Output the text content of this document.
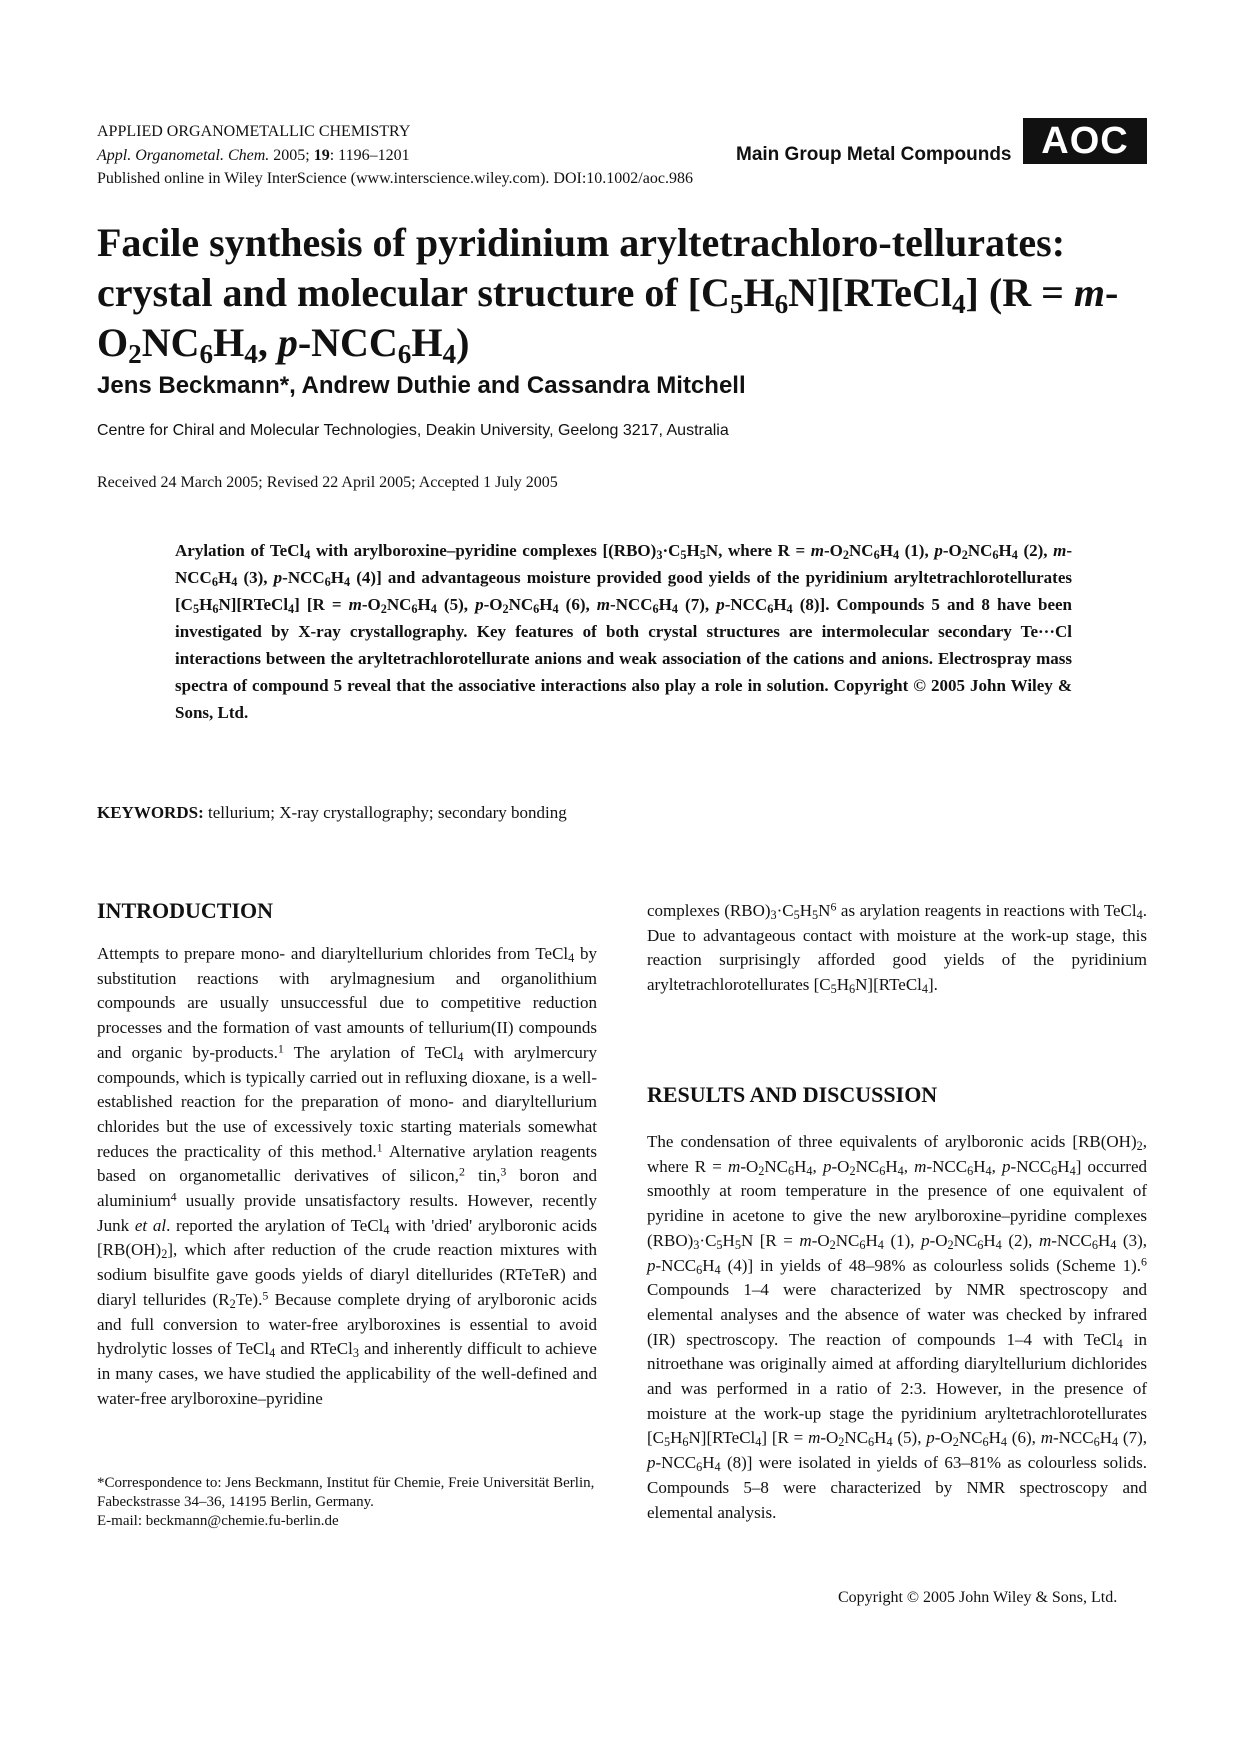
APPLIED ORGANOMETALLIC CHEMISTRY
Appl. Organometal. Chem. 2005; 19: 1196–1201
Published online in Wiley InterScience (www.interscience.wiley.com). DOI:10.1002/aoc.986
Main Group Metal Compounds AOC
Facile synthesis of pyridinium aryltetrachloro-tellurates: crystal and molecular structure of $[C_5H_6N][RTeCl_4] (R = m-O_2NC_6H_4$, $p-NCC_6H_4$)
Jens Beckmann*, Andrew Duthie and Cassandra Mitchell
Centre for Chiral and Molecular Technologies, Deakin University, Geelong 3217, Australia
Received 24 March 2005; Revised 22 April 2005; Accepted 1 July 2005

Arylation of TeCl$_4$ with arylboroxine–pyridine complexes [$(RBO)_3\cdot C_5H_5N$, where $R = m-O_2NC_6H_4$ (1), $p-O_2NC_6H_4$ (2), $m-NCC_6H_4$ (3), $p-NCC_6H_4$ (4)] and advantageous moisture provided good yields of the pyridinium aryltetrachlorotellurates $[C_5H_6N][RTeCl_4] [R = m-O_2NC_6H_4$ (5), $p-O_2NC_6H_4$ (6), $m-NCC_6H_4$ (7), $p-NCC_6H_4$ (8)]. Compounds 5 and 8 have been investigated by X-ray crystallography. Key features of both crystal structures are intermolecular secondary Te···Cl interactions between the aryltetrachlorotellurate anions and weak association of the cations and anions. Electrospray mass spectra of compound 5 reveal that the associative interactions also play a role in solution. Copyright © 2005 John Wiley & Sons, Ltd.

KEYWORDS: tellurium; X-ray crystallography; secondary bonding
INTRODUCTION

Attempts to prepare mono- and diaryltellurium chlorides from TeCl$_4$ by substitution reactions with arylmagnesium and organolithium compounds are usually unsuccessful due to competitive reduction processes and the formation of vast amounts of tellurium(II) compounds and organic by-products.$^1$ The arylation of TeCl$_4$ with arylmercury compounds, which is typically carried out in refluxing dioxane, is a well-established reaction for the preparation of mono- and diaryltellurium chlorides but the use of excessively toxic starting materials somewhat reduces the practicality of this method.$^1$ Alternative arylation reagents based on organometallic derivatives of silicon,$^2$ tin,$^3$ boron and aluminium$^4$ usually provide unsatisfactory results. However, recently Junk et al. reported the arylation of TeCl$_4$ with 'dried' arylboronic acids $[RB(OH)_2]$, which after reduction of the crude reaction mixtures with sodium bisulfite gave goods yields of diaryl ditellurides (RTeTeR) and diaryl tellurides $(R_2Te).^5$ Because complete drying of arylboronic acids and full conversion to water-free arylboroxines is essential to avoid hydrolytic losses of TeCl$_4$ and RTeCl$_3$ and inherently difficult to achieve in many cases, we have studied the applicability of the well-defined and water-free arylboroxine–pyridine

*Correspondence to: Jens Beckmann, Institut für Chemie, Freie Universität Berlin, Fabeckstrasse 34–36, 14195 Berlin, Germany.

E-mail: beckmann@chemie.fu-berlin.de

complexes $(RBO)_3\cdot C_5H_5N^6$ as arylation reagents in reactions with TeCl$_4$. Due to advantageous contact with moisture at the work-up stage, this reaction surprisingly afforded good yields of the pyridinium aryltetrachlorotellurates $[C_5H_6N][RTeCl_4]$.

RESULTS AND DISCUSSION

The condensation of three equivalents of arylboronic acids [$RB(OH)_2$, where $R = m-O_2NC_6H_4$, $p-O_2NC_6H_4$, $m-NCC_6H_4$, $p-NCC_6H_4$] occurred smoothly at room temperature in the presence of one equivalent of pyridine in acetone to give the new arylboroxine–pyridine complexes $(RBO)_3\cdot C_5H_5N$ [$R = m-O_2NC_6H_4$ (1), $p-O_2NC_6H_4$ (2), $m-NCC_6H_4$ (3), $p-NCC_6H_4$ (4)] in yields of 48–98% as colourless solids (Scheme 1).$^6$ Compounds 1–4 were characterized by NMR spectroscopy and elemental analyses and the absence of water was checked by infrared (IR) spectroscopy. The reaction of compounds 1–4 with TeCl$_4$ in nitroethane was originally aimed at affording diaryltellurium dichlorides and was performed in a ratio of 2:3. However, in the presence of moisture at the work-up stage the pyridinium aryltetrachlorotellurates $[C_5H_6N][RTeCl_4] [R = m-O_2NC_6H_4$ (5), $p-O_2NC_6H_4$ (6), $m-NCC_6H_4$ (7), $p-NCC_6H_4$ (8)] were isolated in yields of 63–81% as colourless solids. Compounds 5–8 were characterized by NMR spectroscopy and elemental analysis.

Copyright © 2005 John Wiley & Sons, Ltd.
